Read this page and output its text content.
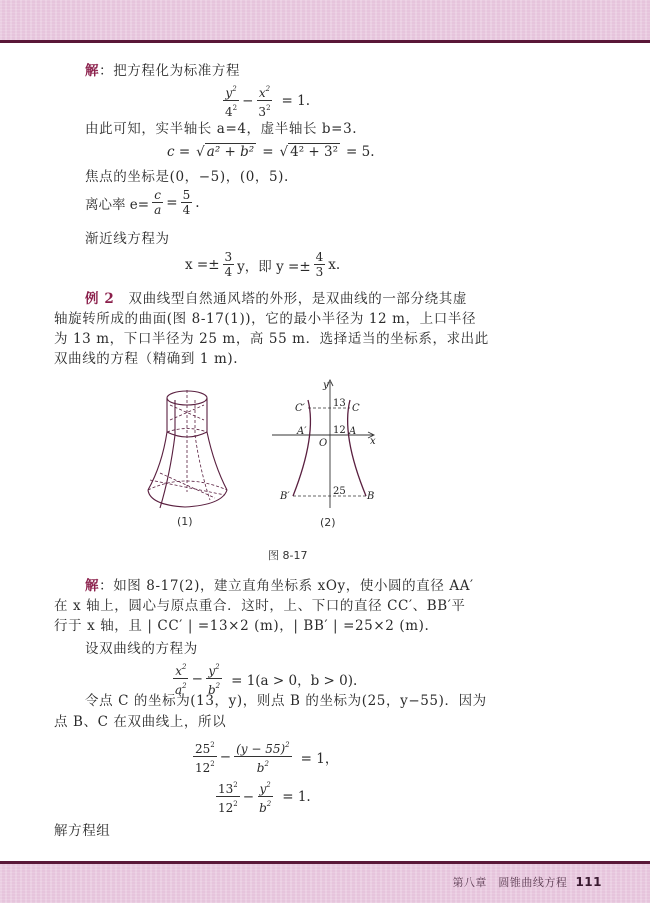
解：把方程化为标准方程
$\frac{y^2}{4^2} - \frac{x^2}{3^2} = 1$.
由此可知，实半轴长 a=4，虚半轴长 b=3.
c = √ a² + b² = √ 4² + 3² = 5.
焦点的坐标是(0，−5)，(0，5).
离心率 $e= \frac{c}{a} = \frac{5}{4}$ .
渐近线方程为
$x =\pm \frac{3}{4}$ y，即 $y =\pm \frac{4}{3} x$.
例 2　 双曲线型自然通风塔的外形，是双曲线的一部分绕其虚
轴旋转所成的曲面(图 8-17(1))，它的最小半径为 12 m，上口半径
为 13 m，下口半径为 25 m，高 55 m．选择适当的坐标系，求出此
双曲线的方程（精确到 1 m).
(1)
y
x
O
A′	A
C′	C
B′	B
13
12
25
(2)
图 8-17
解：如图 8-17(2)，建立直角坐标系 xOy，使小圆的直径 AA′
在 x 轴上，圆心与原点重合．这时，上、下口的直径 CC′、BB′平
行于 x 轴，且 | CC′ | =13×2 (m)，| BB′ | =25×2 (m).
设双曲线的方程为
$\frac{x^2}{a^2} - \frac{y^2}{b^2} = 1(a > 0$，b > 0).
令点 C 的坐标为(13，y)，则点 B 的坐标为(25，y−55)．因为
点 B、C 在双曲线上，所以
$\frac{25^2}{12^2} - \frac{(y - 55)^2}{b^2} = 1$，
$\frac{13^2}{12^2} - \frac{y^2}{b^2} = 1$.
解方程组
第八章　圆锥曲线方程 111
